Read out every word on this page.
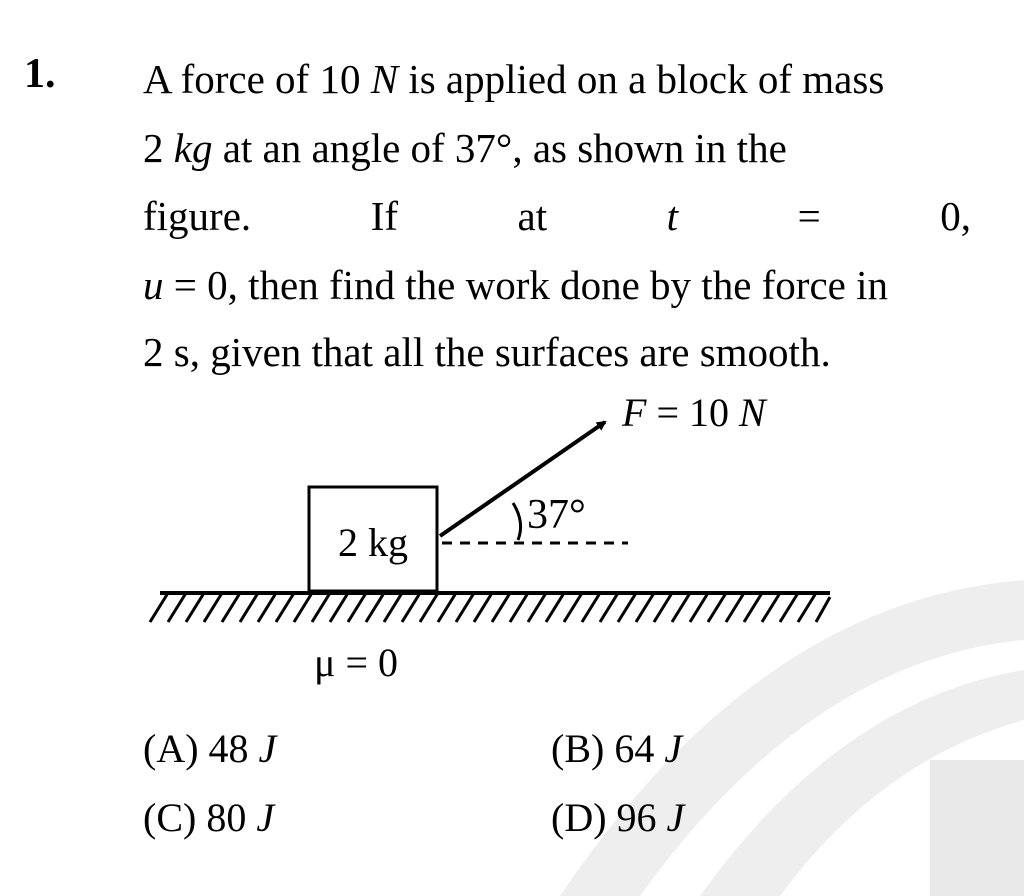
1. A force of 10 N is applied on a block of mass
2 kg at an angle of 37°, as shown in the
figure.	If	at	t	=	0,
u = 0, then find the work done by the force in
2 s, given that all the surfaces are smooth.
2 kg
F = 10 N
37°
μ = 0
(A) 48 J	(B) 64 J
(C) 80 J	(D) 96 J
